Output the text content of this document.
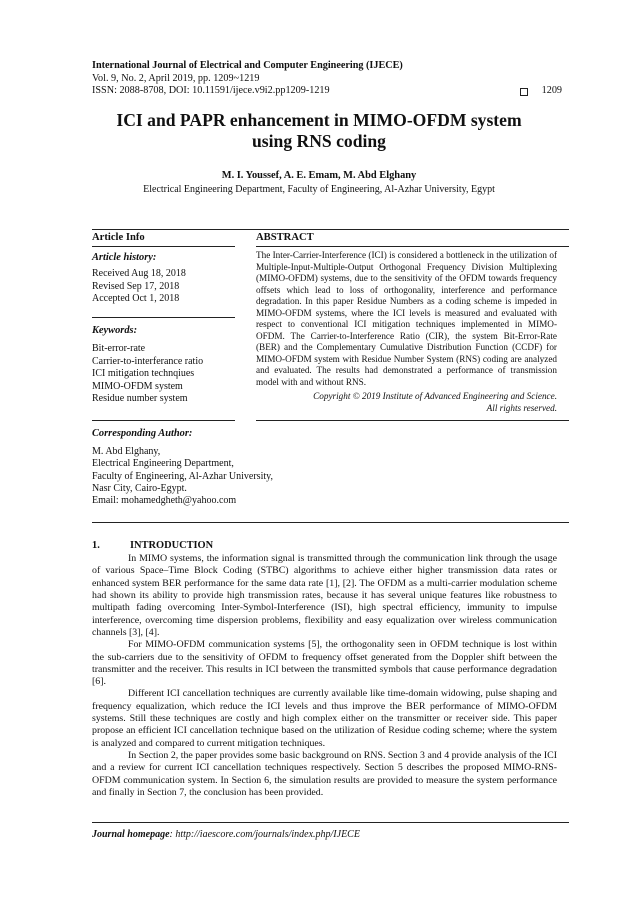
International Journal of Electrical and Computer Engineering (IJECE)
Vol. 9, No. 2, April 2019, pp. 1209~1219
ISSN: 2088-8708, DOI: 10.11591/ijece.v9i2.pp1209-1219	1209
ICI and PAPR enhancement in MIMO-OFDM system
using RNS coding
M. I. Youssef, A. E. Emam, M. Abd Elghany
Electrical Engineering Department, Faculty of Engineering, Al-Azhar University, Egypt
Article Info	ABSTRACT
Article history:
Received Aug 18, 2018
Revised Sep 17, 2018
Accepted Oct 1, 2018
Keywords:
Bit-error-rate
Carrier-to-interferance ratio
ICI mitigation technqiues
MIMO-OFDM system
Residue number system
The Inter-Carrier-Interference (ICI) is considered a bottleneck in the utilization of Multiple-Input-Multiple-Output Orthogonal Frequency Division Multiplexing (MIMO-OFDM) systems, due to the sensitivity of the OFDM towards frequency offsets which lead to loss of orthogonality, interference and performance degradation. In this paper Residue Numbers as a coding scheme is impeded in MIMO-OFDM systems, where the ICI levels is measured and evaluated with respect to conventional ICI mitigation techniques implemented in MIMO-OFDM. The Carrier-to-Interference Ratio (CIR), the system Bit-Error-Rate (BER) and the Complementary Cumulative Distribution Function (CCDF) for MIMO-OFDM system with Residue Number System (RNS) coding are analyzed and evaluated. The results had demonstrated a performance of transmission model with and without RNS.
Copyright © 2019 Institute of Advanced Engineering and Science.
All rights reserved.
Corresponding Author:
M. Abd Elghany,
Electrical Engineering Department,
Faculty of Engineering, Al-Azhar University,
Nasr City, Cairo-Egypt.
Email: mohamedgheth@yahoo.com
1.	INTRODUCTION

In MIMO systems, the information signal is transmitted through the communication link through the usage of various Space–Time Block Coding (STBC) algorithms to achieve either higher transmission data rates or enhanced system BER performance for the same data rate [1], [2]. The OFDM as a multi-carrier modulation scheme had shown its ability to provide high transmission rates, because it has several unique features like robustness to multipath fading overcoming Inter-Symbol-Interference (ISI), high spectral efficiency, immunity to impulse interference, overcoming time dispersion problems, flexibility and easy equalization over wireless communication channels [3], [4].

For MIMO-OFDM communication systems [5], the orthogonality seen in OFDM technique is lost within the sub-carriers due to the sensitivity of OFDM to frequency offset generated from the Doppler shift between the transmitter and the receiver. This results in ICI between the transmitted symbols that cause performance degradation [6].

Different ICI cancellation techniques are currently available like time-domain widowing, pulse shaping and frequency equalization, which reduce the ICI levels and thus improve the BER performance of MIMO-OFDM systems. Still these techniques are costly and high complex either on the transmitter or receiver side. This paper propose an efficient ICI cancellation technique based on the utilization of Residue coding scheme; where the system is analyzed and compared to current mitigation techniques.

In Section 2, the paper provides some basic background on RNS. Section 3 and 4 provide analysis of the ICI and a review for current ICI cancellation techniques respectively. Section 5 describes the proposed MIMO-RNS-OFDM communication system. In Section 6, the simulation results are provided to measure the system performance and finally in Section 7, the conclusion has been provided.

Journal homepage: http://iaescore.com/journals/index.php/IJECE
